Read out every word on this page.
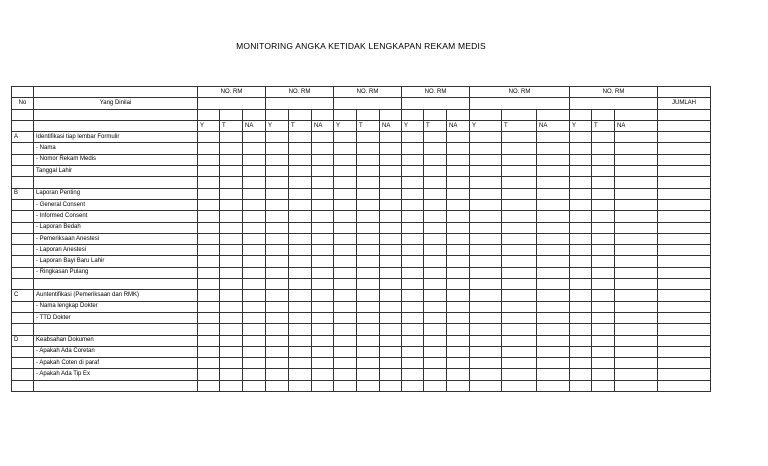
MONITORING ANGKA KETIDAK LENGKAPAN REKAM MEDIS
		NO. RM			NO. RM			NO. RM			NO. RM			NO. RM			NO. RM			
No	Yang Dinilai																			JUMLAH

		Y	T	NA	Y	T	NA	Y	T	NA	Y	T	NA	Y	T	NA	Y	T	NA	
A	Identifikasi tiap lembar Formulir																			
	- Nama																			
	- Nomor Rekam Medis																			
	Tanggal Lahir																			

B	Laporan Penting																			
	- General Consent																			
	- Informed Consent																			
	- Laporan Bedah																			
	- Pemeriksaan Anestesi																			
	- Laporan Anestesi																			
	- Laporan Bayi Baru Lahir																			
	- Ringkasan Pulang																			

C	Auntentifikasi (Pemeriksaan dan RMK)																			
	- Nama lengkap Dokter																			
	- TTD Dokter																			

D	Keabsahan Dokumen																			
	- Apakah Ada Coretan																			
	- Apakah Coten di paraf																			
	- Apakah Ada Tip Ex																			
